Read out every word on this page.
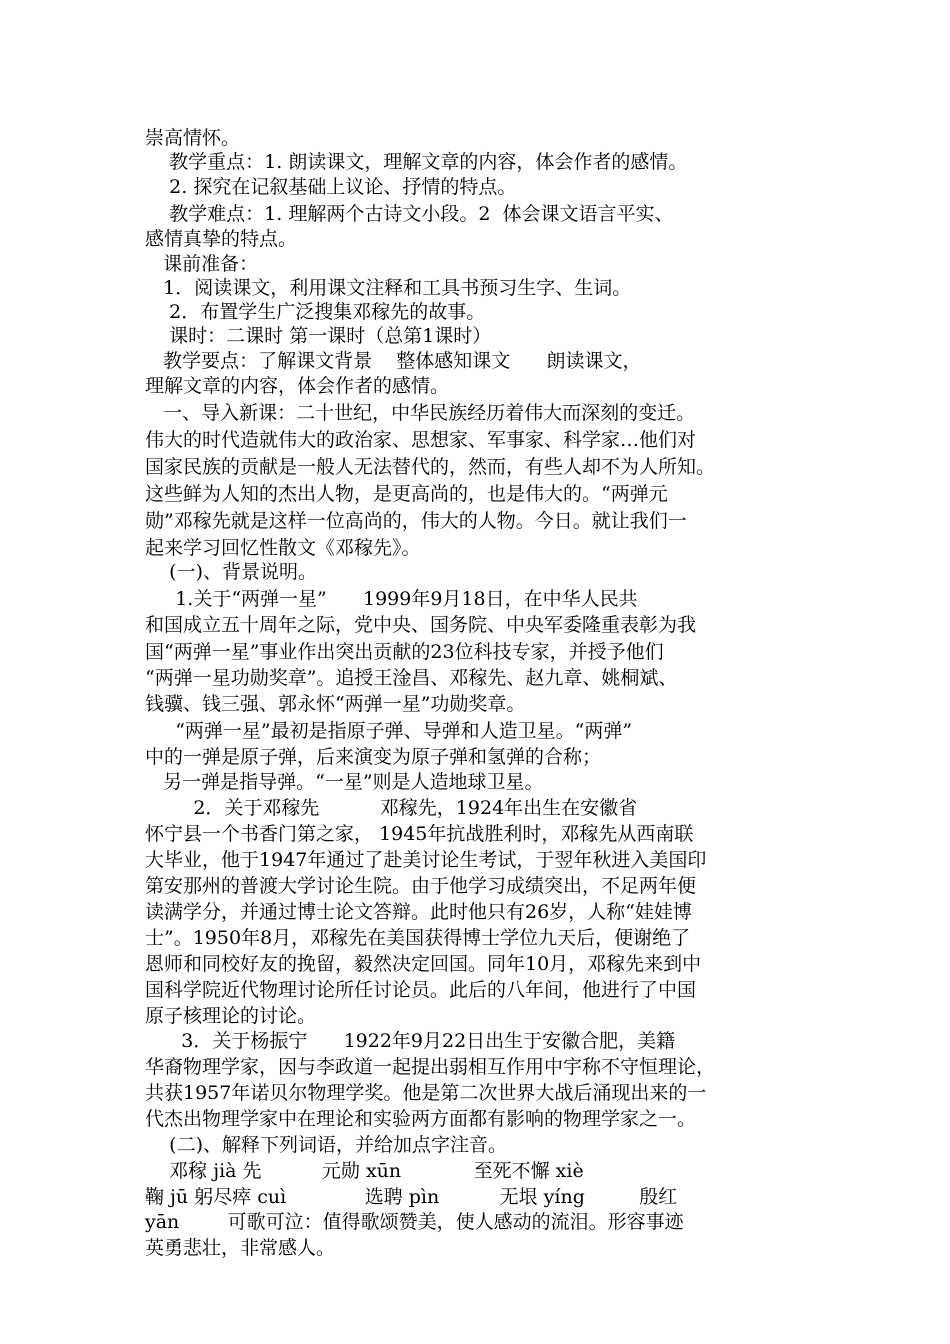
崇高情怀。
教学重点：1. 朗读课文，理解文章的内容，体会作者的感情。
2. 探究在记叙基础上议论、抒情的特点。
教学难点：1. 理解两个古诗文小段。2  体会课文语言平实、
感情真挚的特点。
课前准备：
1．阅读课文，利用课文注释和工具书预习生字、生词。
2．布置学生广泛搜集邓稼先的故事。
课时：二课时 第一课时（总第1课时）
教学要点：了解课文背景    整体感知课文      朗读课文，
理解文章的内容，体会作者的感情。
一、导入新课：二十世纪，中华民族经历着伟大而深刻的变迁。
伟大的时代造就伟大的政治家、思想家、军事家、科学家…他们对
国家民族的贡献是一般人无法替代的，然而，有些人却不为人所知。
这些鲜为人知的杰出人物，是更高尚的，也是伟大的。“两弹元
勋”邓稼先就是这样一位高尚的，伟大的人物。今日。就让我们一
起来学习回忆性散文《邓稼先》。
(一)、背景说明。
1.关于“两弹一星”      1999年9月18日，在中华人民共
和国成立五十周年之际，党中央、国务院、中央军委隆重表彰为我
国“两弹一星”事业作出突出贡献的23位科技专家，并授予他们
“两弹一星功勋奖章”。追授王淦昌、邓稼先、赵九章、姚桐斌、
钱骥、钱三强、郭永怀“两弹一星”功勋奖章。
“两弹一星”最初是指原子弹、导弹和人造卫星。“两弹”
中的一弹是原子弹，后来演变为原子弹和氢弹的合称；
另一弹是指导弹。“一星”则是人造地球卫星。
2．关于邓稼先          邓稼先，1924年出生在安徽省
怀宁县一个书香门第之家， 1945年抗战胜利时，邓稼先从西南联
大毕业，他于1947年通过了赴美讨论生考试，于翌年秋进入美国印
第安那州的普渡大学讨论生院。由于他学习成绩突出，不足两年便
读满学分，并通过博士论文答辩。此时他只有26岁，人称“娃娃博
士”。1950年8月，邓稼先在美国获得博士学位九天后，便谢绝了
恩师和同校好友的挽留，毅然决定回国。同年10月，邓稼先来到中
国科学院近代物理讨论所任讨论员。此后的八年间，他进行了中国
原子核理论的讨论。
3．关于杨振宁      1922年9月22日出生于安徽合肥，美籍
华裔物理学家，因与李政道一起提出弱相互作用中宇称不守恒理论，
共获1957年诺贝尔物理学奖。他是第二次世界大战后涌现出来的一
代杰出物理学家中在理论和实验两方面都有影响的物理学家之一。
(二)、解释下列词语，并给加点字注音。
邓稼 jià 先          元勋 xūn            至死不懈 xiè
鞠 jū 躬尽瘁 cuì             选聘 pìn          无垠 yíng         殷红
yān        可歌可泣：值得歌颂赞美，使人感动的流泪。形容事迹
英勇悲壮，非常感人。
